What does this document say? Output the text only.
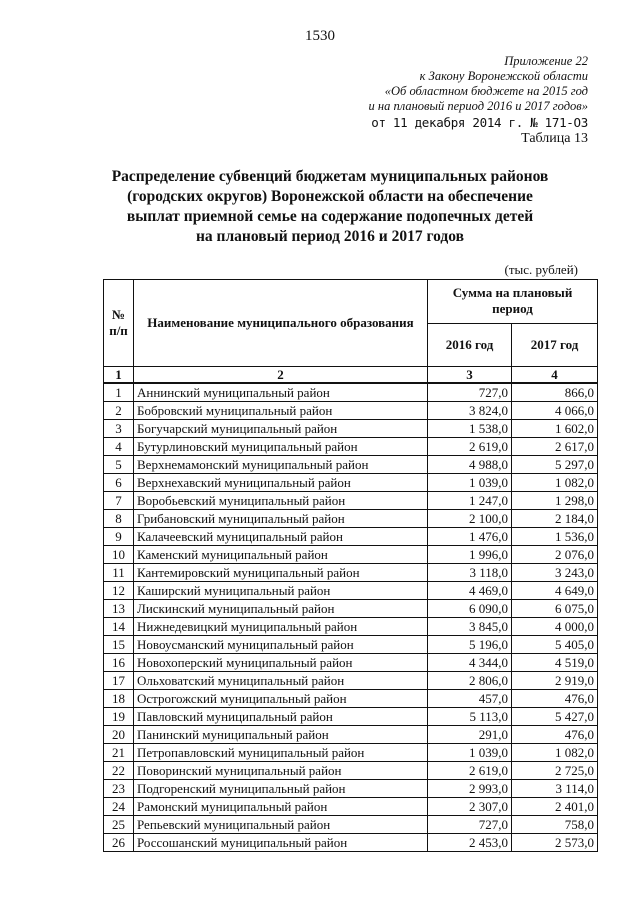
1530
Приложение 22
к Закону Воронежской области
«Об областном бюджете на 2015 год
и на плановый период 2016 и 2017 годов»
от 11 декабря 2014 г. № 171-ОЗ
Таблица 13
Распределение субвенций бюджетам муниципальных районов
(городских округов) Воронежской области на обеспечение
выплат приемной семье на содержание подопечных детей
на плановый период 2016 и 2017 годов
(тыс. рублей)
№ п/п	Наименование муниципального образования	Сумма на плановый период	
		2016 год	2017 год
1	2	3	4
1	Аннинский муниципальный район	727,0	866,0
2	Бобровский муниципальный район	3 824,0	4 066,0
3	Богучарский муниципальный район	1 538,0	1 602,0
4	Бутурлиновский муниципальный район	2 619,0	2 617,0
5	Верхнемамонский муниципальный район	4 988,0	5 297,0
6	Верхнехавский муниципальный район	1 039,0	1 082,0
7	Воробьевский муниципальный район	1 247,0	1 298,0
8	Грибановский муниципальный район	2 100,0	2 184,0
9	Калачеевский муниципальный район	1 476,0	1 536,0
10	Каменский муниципальный район	1 996,0	2 076,0
11	Кантемировский муниципальный район	3 118,0	3 243,0
12	Каширский муниципальный район	4 469,0	4 649,0
13	Лискинский муниципальный район	6 090,0	6 075,0
14	Нижнедевицкий муниципальный район	3 845,0	4 000,0
15	Новоусманский муниципальный район	5 196,0	5 405,0
16	Новохоперский муниципальный район	4 344,0	4 519,0
17	Ольховатский муниципальный район	2 806,0	2 919,0
18	Острогожский муниципальный район	457,0	476,0
19	Павловский муниципальный район	5 113,0	5 427,0
20	Панинский муниципальный район	291,0	476,0
21	Петропавловский муниципальный район	1 039,0	1 082,0
22	Поворинский муниципальный район	2 619,0	2 725,0
23	Подгоренский муниципальный район	2 993,0	3 114,0
24	Рамонский муниципальный район	2 307,0	2 401,0
25	Репьевский муниципальный район	727,0	758,0
26	Россошанский муниципальный район	2 453,0	2 573,0
